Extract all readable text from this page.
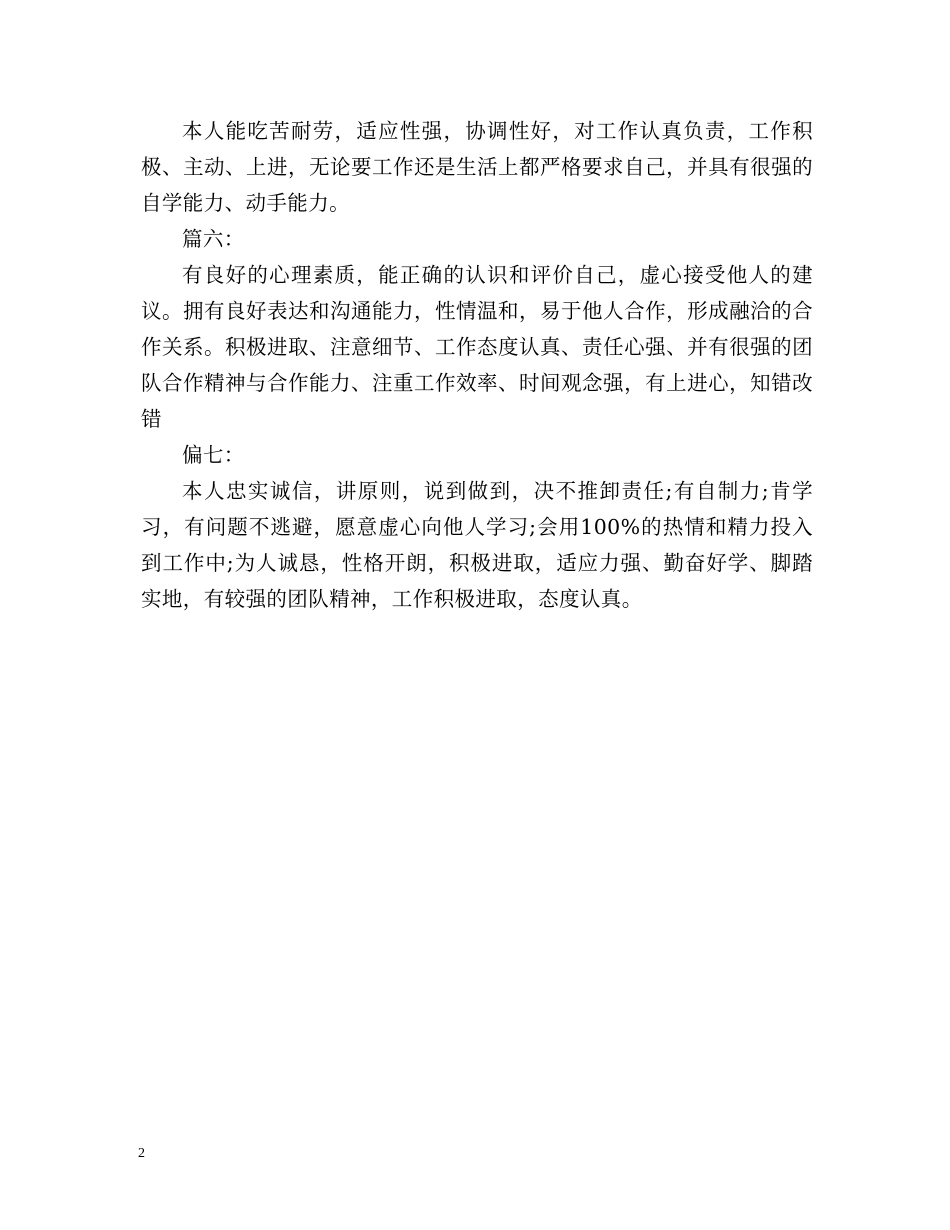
本人能吃苦耐劳，适应性强，协调性好，对工作认真负责，工作积极、主动、上进，无论要工作还是生活上都严格要求自己，并具有很强的自学能力、动手能力。

篇六：

有良好的心理素质，能正确的认识和评价自己，虚心接受他人的建议。拥有良好表达和沟通能力，性情温和，易于他人合作，形成融洽的合作关系。积极进取、注意细节、工作态度认真、责任心强、并有很强的团队合作精神与合作能力、注重工作效率、时间观念强，有上进心，知错改错

偏七：

本人忠实诚信，讲原则，说到做到，决不推卸责任;有自制力;肯学习，有问题不逃避，愿意虚心向他人学习;会用100%的热情和精力投入到工作中;为人诚恳，性格开朗，积极进取，适应力强、勤奋好学、脚踏实地，有较强的团队精神，工作积极进取，态度认真。

2
